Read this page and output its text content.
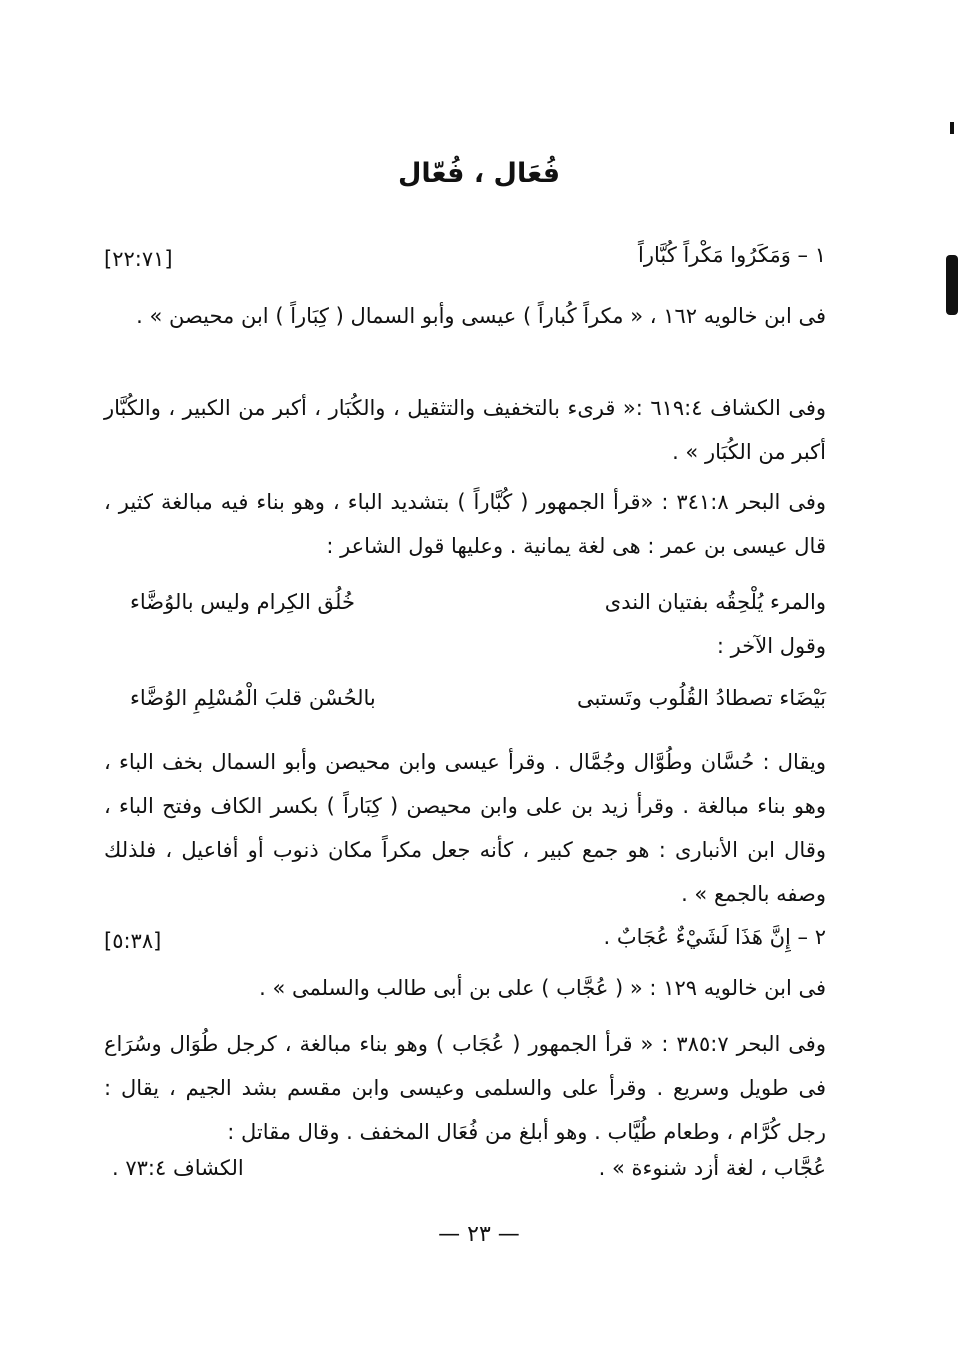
فُعَال ، فُعّال
١ – وَمَكَرُوا مَكْراً كُبَّاراً
[٢٢:٧١]
فى ابن خالويه ١٦٢ ، « مكراً كُباراً ) عيسى وأبو السمال ( كِبَاراً ) ابن محيصن » .
وفى الكشاف ٦١٩:٤ :« قرىء بالتخفيف والتثقيل ، والكُبَار ، أكبر من الكبير ، والكُبَّار أكبر من الكُبَار » .
وفى البحر ٣٤١:٨ : «قرأ الجمهور ( كُبَّاراً ) بتشديد الباء ، وهو بناء فيه مبالغة كثير ، قال عيسى بن عمر : هى لغة يمانية . وعليها قول الشاعر :
والمرء يُلْحِقُه بفتيان الندى
خُلُق الكِرام وليس بالوُضَّاء
وقول الآخر :
بَيْضَاء تصطادُ القُلُوب وتَستبى
بالحُسْن قلبَ الْمُسْلِمِ الوُضَّاء
ويقال : حُسَّان وطُوَّال وجُمَّال . وقرأ عيسى وابن محيصن وأبو السمال بخف الباء ، وهو بناء مبالغة . وقرأ زيد بن على وابن محيصن ( كِبَاراً ) بكسر الكاف وفتح الباء ، وقال ابن الأنبارى : هو جمع كبير ، كأنه جعل مكراً مكان ذنوب أو أفاعيل ، فلذلك وصفه بالجمع » .
٢ – إِنَّ هَذَا لَشَيْءٌ عُجَابٌ .
[٥:٣٨]
فى ابن خالويه ١٢٩ : « ( عُجَّاب ) على بن أبى طالب والسلمى » .
وفى البحر ٣٨٥:٧ : « قرأ الجمهور ( عُجَاب ) وهو بناء مبالغة ، كرجل طُوَال وسُرَاع فى طويل وسريع . وقرأ على والسلمى وعيسى وابن مقسم بشد الجيم ، يقال : رجل كُرَّام ، وطعام طُيَّاب . وهو أبلغ من فُعَال المخفف . وقال مقاتل :
عُجَّاب ، لغة أزد شنوءة » .
الكشاف ٧٣:٤ .
— ٢٣ —
